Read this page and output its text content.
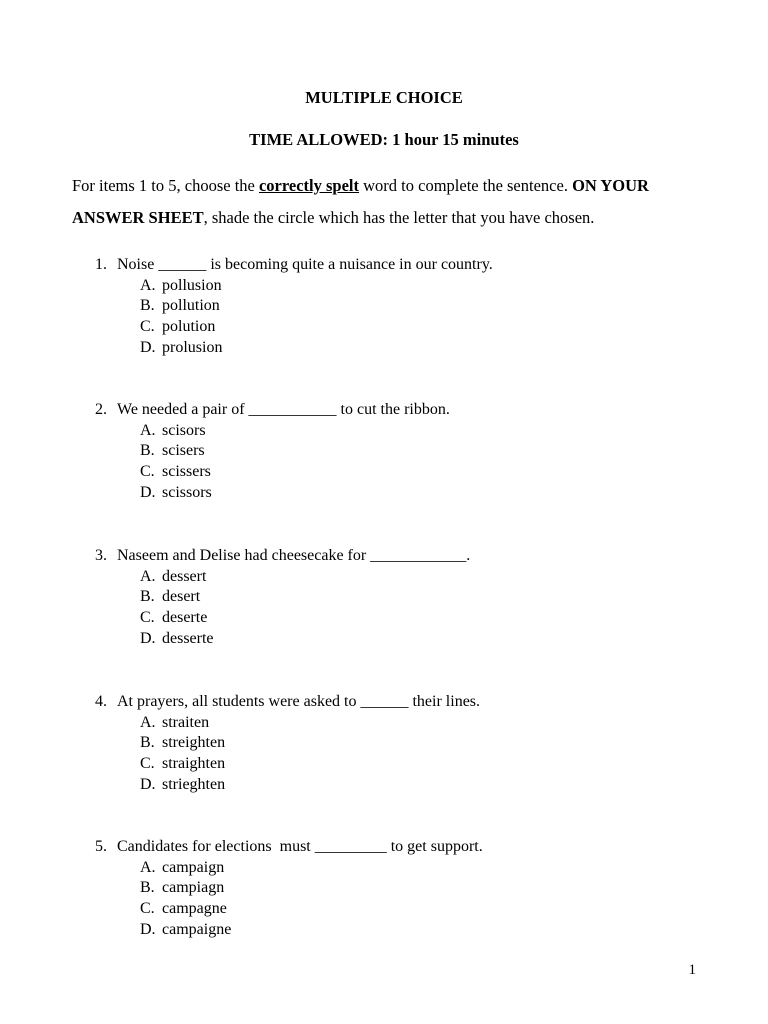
MULTIPLE CHOICE
TIME ALLOWED: 1 hour 15 minutes
For items 1 to 5, choose the correctly spelt word to complete the sentence. ON YOUR ANSWER SHEET, shade the circle which has the letter that you have chosen.
1. Noise ______ is becoming quite a nuisance in our country.
A. pollusion
B. pollution
C. polution
D. prolusion
2. We needed a pair of ___________ to cut the ribbon.
A. scisors
B. scisers
C. scissers
D. scissors
3. Naseem and Delise had cheesecake for ____________.
A. dessert
B. desert
C. deserte
D. desserte
4. At prayers, all students were asked to ______ their lines.
A. straiten
B. streighten
C. straighten
D. strieghten
5. Candidates for elections  must _________ to get support.
A. campaign
B. campiagn
C. campagne
D. campaigne
1
